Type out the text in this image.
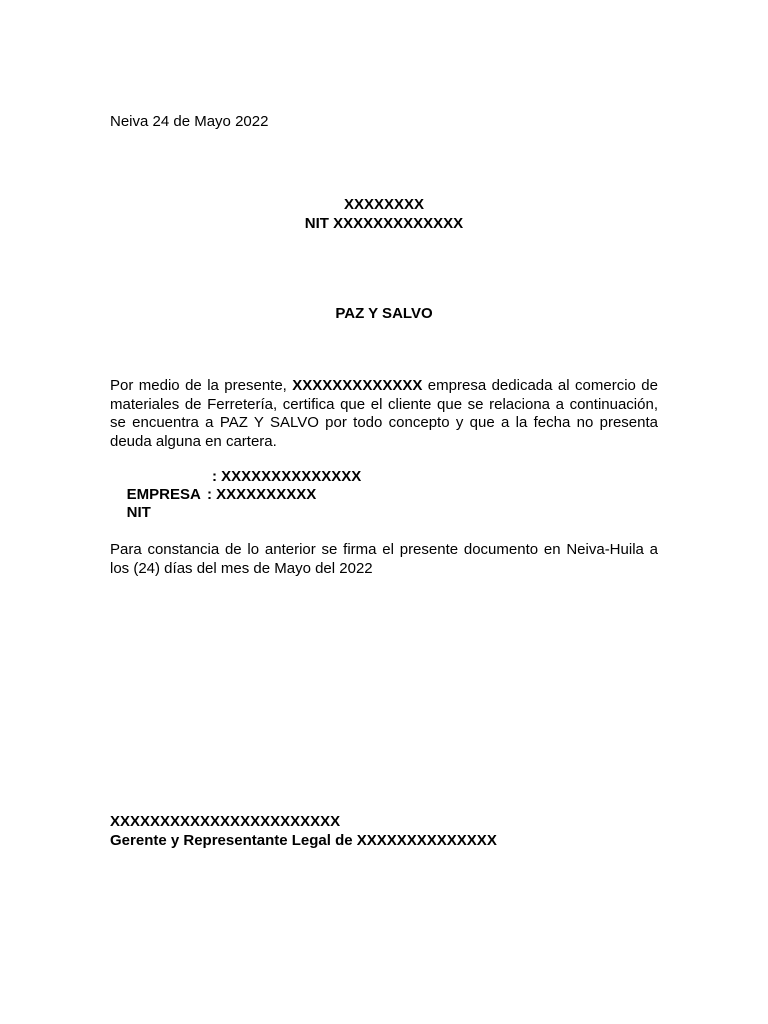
Neiva 24 de Mayo 2022
XXXXXXXX
NIT XXXXXXXXXXXXX
PAZ Y SALVO
Por medio de la presente, XXXXXXXXXXXXX empresa dedicada al comercio de materiales de Ferretería, certifica que el cliente que se relaciona a continuación, se encuentra a PAZ Y SALVO por todo concepto y que a la fecha no presenta deuda alguna en cartera.

EMPRESA

: XXXXXXXXXXXXXX

NIT

: XXXXXXXXXX

Para constancia de lo anterior se firma el presente documento en Neiva-Huila a los (24) días del mes de Mayo del 2022
XXXXXXXXXXXXXXXXXXXXXXX
Gerente y Representante Legal de XXXXXXXXXXXXXX
